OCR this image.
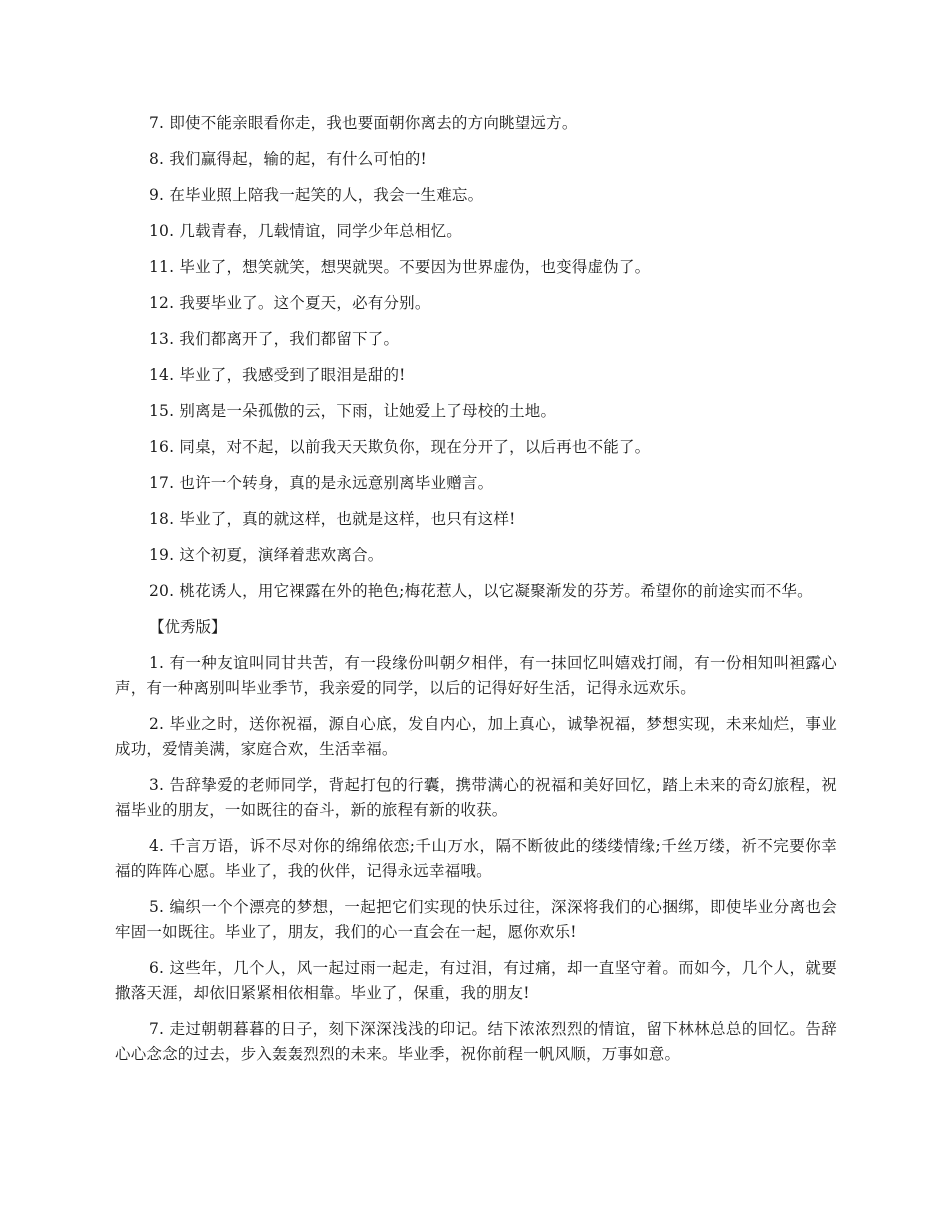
7. 即使不能亲眼看你走，我也要面朝你离去的方向眺望远方。

8. 我们赢得起，输的起，有什么可怕的!

9. 在毕业照上陪我一起笑的人，我会一生难忘。

10. 几载青春，几载情谊，同学少年总相忆。

11. 毕业了，想笑就笑，想哭就哭。不要因为世界虚伪，也变得虚伪了。

12. 我要毕业了。这个夏天，必有分别。

13. 我们都离开了，我们都留下了。

14. 毕业了，我感受到了眼泪是甜的!

15. 别离是一朵孤傲的云，下雨，让她爱上了母校的土地。

16. 同桌，对不起，以前我天天欺负你，现在分开了，以后再也不能了。

17. 也许一个转身，真的是永远意别离毕业赠言。

18. 毕业了，真的就这样，也就是这样，也只有这样!

19. 这个初夏，演绎着悲欢离合。

20. 桃花诱人，用它裸露在外的艳色;梅花惹人，以它凝聚渐发的芬芳。希望你的前途实而不华。

【优秀版】

1. 有一种友谊叫同甘共苦，有一段缘份叫朝夕相伴，有一抹回忆叫嬉戏打闹，有一份相知叫袒露心声，有一种离别叫毕业季节，我亲爱的同学，以后的记得好好生活，记得永远欢乐。

2. 毕业之时，送你祝福，源自心底，发自内心，加上真心，诚挚祝福，梦想实现，未来灿烂，事业成功，爱情美满，家庭合欢，生活幸福。

3. 告辞挚爱的老师同学，背起打包的行囊，携带满心的祝福和美好回忆，踏上未来的奇幻旅程，祝福毕业的朋友，一如既往的奋斗，新的旅程有新的收获。

4. 千言万语，诉不尽对你的绵绵依恋;千山万水，隔不断彼此的缕缕情缘;千丝万缕，祈不完要你幸福的阵阵心愿。毕业了，我的伙伴，记得永远幸福哦。

5. 编织一个个漂亮的梦想，一起把它们实现的快乐过往，深深将我们的心捆绑，即使毕业分离也会牢固一如既往。毕业了，朋友，我们的心一直会在一起，愿你欢乐!

6. 这些年，几个人，风一起过雨一起走，有过泪，有过痛，却一直坚守着。而如今，几个人，就要撒落天涯，却依旧紧紧相依相靠。毕业了，保重，我的朋友!

7. 走过朝朝暮暮的日子，刻下深深浅浅的印记。结下浓浓烈烈的情谊，留下林林总总的回忆。告辞心心念念的过去，步入轰轰烈烈的未来。毕业季，祝你前程一帆风顺，万事如意。
